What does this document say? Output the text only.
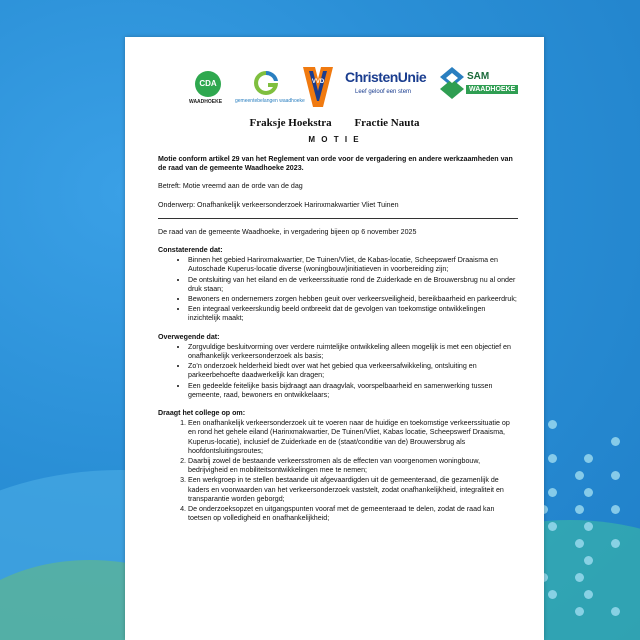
CDA
WAADHOEKE	gemeentebelangen waadhoeke
VVD ChristenUnie
Leef geloof een stem
SAM
WAADHOEKE
Fraksje Hoekstra Fractie Nauta
M O T I E
Motie conform artikel 29 van het Reglement van orde voor de vergadering en andere werkzaamheden van de raad van de gemeente Waadhoeke 2023.
Betreft: Motie vreemd aan de orde van de dag
Onderwerp: Onafhankelijk verkeersonderzoek Harinxmakwartier Vliet Tuinen
De raad van de gemeente Waadhoeke, in vergadering bijeen op 6 november 2025
Constaterende dat:
• Binnen het gebied Harinxmakwartier, De Tuinen/Vliet, de Kabas-locatie, Scheepswerf Draaisma en Autoschade Kuperus-locatie diverse (woningbouw)initiatieven in voorbereiding zijn;
• De ontsluiting van het eiland en de verkeerssituatie rond de Zuiderkade en de Brouwersbrug nu al onder druk staan;
• Bewoners en ondernemers zorgen hebben geuit over verkeersveiligheid, bereikbaarheid en parkeerdruk;
• Een integraal verkeerskundig beeld ontbreekt dat de gevolgen van toekomstige ontwikkelingen inzichtelijk maakt;
Overwegende dat:
• Zorgvuldige besluitvorming over verdere ruimtelijke ontwikkeling alleen mogelijk is met een objectief en onafhankelijk verkeersonderzoek als basis;
• Zo’n onderzoek helderheid biedt over wat het gebied qua verkeersafwikkeling, ontsluiting en parkeerbehoefte daadwerkelijk kan dragen;
• Een gedeelde feitelijke basis bijdraagt aan draagvlak, voorspelbaarheid en samenwerking tussen gemeente, raad, bewoners en ontwikkelaars;
Draagt het college op om:
1. Een onafhankelijk verkeersonderzoek uit te voeren naar de huidige en toekomstige verkeerssituatie op en rond het gehele eiland (Harinxmakwartier, De Tuinen/Vliet, Kabas locatie, Scheepswerf Draaisma, Kuperus-locatie), inclusief de Zuiderkade en de (staat/conditie van de) Brouwersbrug als hoofdontsluitingsroutes;
2. Daarbij zowel de bestaande verkeersstromen als de effecten van voorgenomen woningbouw, bedrijvigheid en mobiliteitsontwikkelingen mee te nemen;
3. Een werkgroep in te stellen bestaande uit afgevaardigden uit de gemeenteraad, die gezamenlijk de kaders en voorwaarden van het verkeersonderzoek vaststelt, zodat onafhankelijkheid, integraliteit en transparantie worden geborgd;
4. De onderzoeksopzet en uitgangspunten vooraf met de gemeenteraad te delen, zodat de raad kan toetsen op volledigheid en onafhankelijkheid;
